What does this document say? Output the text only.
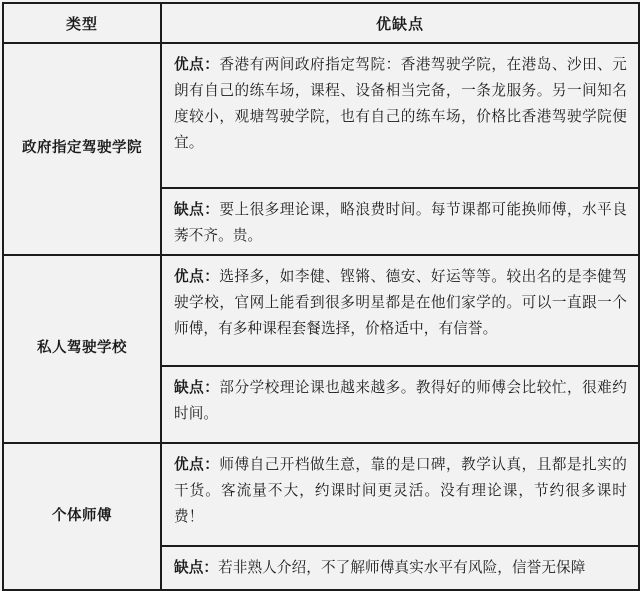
类型	优缺点
政府指定驾驶学院	优点：香港有两间政府指定驾院：香港驾驶学院，在港岛、沙田、元朗有自己的练车场，课程、设备相当完备，一条龙服务。另一间知名度较小，观塘驾驶学院，也有自己的练车场，价格比香港驾驶学院便宜。
缺点：要上很多理论课，略浪费时间。每节课都可能换师傅，水平良莠不齐。贵。

私人驾驶学校	优点：选择多，如李健、铿锵、德安、好运等等。较出名的是李健驾驶学校，官网上能看到很多明星都是在他们家学的。可以一直跟一个师傅，有多种课程套餐选择，价格适中，有信誉。
缺点：部分学校理论课也越来越多。教得好的师傅会比较忙，很难约时间。

个体师傅	优点：师傅自己开档做生意，靠的是口碑，教学认真，且都是扎实的干货。客流量不大，约课时间更灵活。没有理论课，节约很多课时费！
缺点：若非熟人介绍，不了解师傅真实水平有风险，信誉无保障
